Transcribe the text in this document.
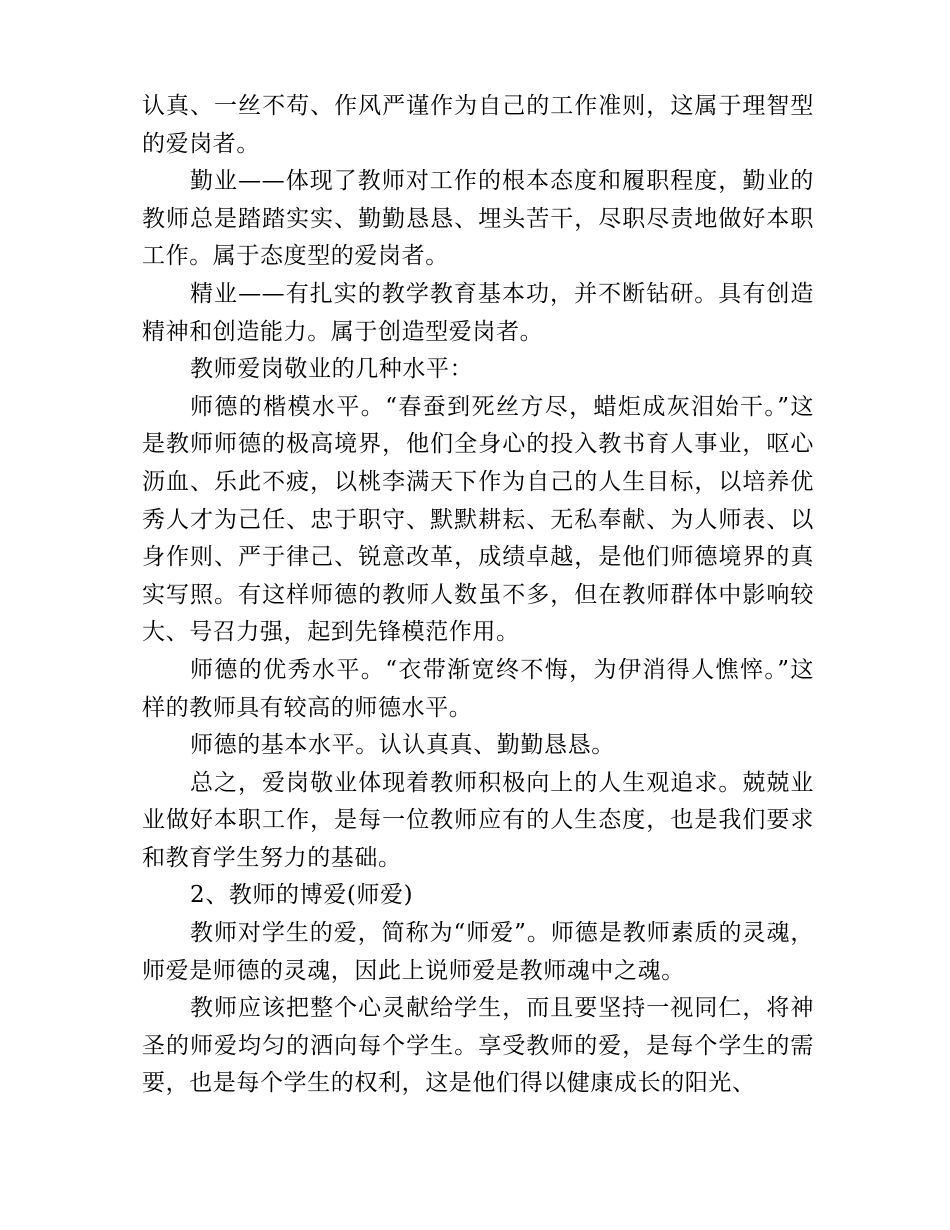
认真、一丝不苟、作风严谨作为自己的工作准则，这属于理智型的爱岗者。

勤业——体现了教师对工作的根本态度和履职程度，勤业的教师总是踏踏实实、勤勤恳恳、埋头苦干，尽职尽责地做好本职工作。属于态度型的爱岗者。

精业——有扎实的教学教育基本功，并不断钻研。具有创造精神和创造能力。属于创造型爱岗者。

教师爱岗敬业的几种水平：

师德的楷模水平。“春蚕到死丝方尽，蜡炬成灰泪始干。”这是教师师德的极高境界，他们全身心的投入教书育人事业，呕心沥血、乐此不疲，以桃李满天下作为自己的人生目标，以培养优秀人才为己任、忠于职守、默默耕耘、无私奉献、为人师表、以身作则、严于律己、锐意改革，成绩卓越，是他们师德境界的真实写照。有这样师德的教师人数虽不多，但在教师群体中影响较大、号召力强，起到先锋模范作用。

师德的优秀水平。“衣带渐宽终不悔，为伊消得人憔悴。”这样的教师具有较高的师德水平。

师德的基本水平。认认真真、勤勤恳恳。

总之，爱岗敬业体现着教师积极向上的人生观追求。兢兢业业做好本职工作，是每一位教师应有的人生态度，也是我们要求和教育学生努力的基础。

2、教师的博爱(师爱)

教师对学生的爱，简称为“师爱”。师德是教师素质的灵魂，师爱是师德的灵魂，因此上说师爱是教师魂中之魂。

教师应该把整个心灵献给学生，而且要坚持一视同仁，将神圣的师爱均匀的洒向每个学生。享受教师的爱，是每个学生的需要，也是每个学生的权利，这是他们得以健康成长的阳光、
